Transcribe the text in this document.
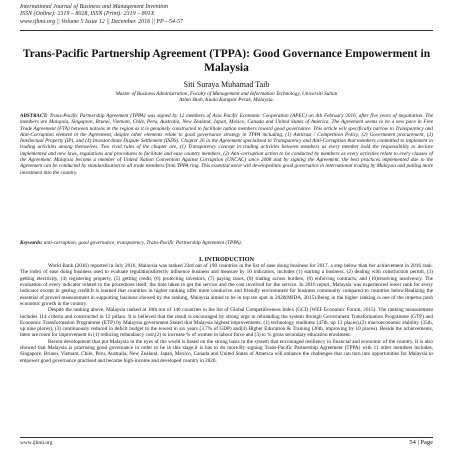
International Journal of Business and Management Invention
ISSN (Online): 2319 – 8028, ISSN (Print): 2319 – 801X
www.ijbmi.org || Volume 5 Issue 12 || December. 2016 || PP—54-57
Trans-Pacific Partnership Agreement (TPPA): Good Governance Empowerment in Malaysia
Siti Suraya Muhamad Taib
Master of Business Administration, Faculty of Management and Information Technology, Universiti Sultan
Azlan Shah, Kuala Kangsar Perak, Malaysia.
ABSTRACT: Trans-Pacific Partnership Agreement (TPPA) was signed by 12 members of Asia Pacific Economic Cooperation (APEC) on 4th February 2016, after five years of negotiation. The members are Malaysia, Singapore, Brunei, Vietnam, Chile, Peru, Australia, New Zealand, Japan, Mexico, Canada and United States of America. The Agreement seems to be a new pace in Free Trade Agreement (FTA) between nations in the region as it is genuinely constructed to facilitate nation members toward good governance. This article will specifically narrow to Transparency and Anti-Corruption element in the Agreement, despite other elements relate to good governance strategy in TPPA including, (1) Antitrust / Competition Policy, (2) Government procurement, (3) Intellectual Property (IP), and (4) Investor-State Dispute Settlement (ISDS). Chapter 26 in the Agreement specialized to Transparency and Anti-Corruption that members committed to implement in trading activities among themselves. Two vivid rules of the chapter are, (1) Transparency concept in trading activities between members as every member hold the responsibility to declare implemented and new laws, regulations and procedures to facilitate and ease country members, (2) Anti-corruption action to be conducted by members as every activities relate to every clauses of the Agreement. Malaysia become a member of United Nation Convention Against Corruption (UNCAC) since 2008 and by signing the Agreement, the best practices implemented due to the Agreement can be conducted by standardization to all trade members from TPPA ring. This essential move will developedinto good governance in international trading by Malaysia and pulling more investment into the country.
Keywords: anti-corruption, good governance, transparency, Trans-Pacific Partnership Agreement (TPPA).
I. INTRODUCTION

World Bank (2016) reported in July 2016, Malaysia was ranked 23rd out of 190 countries in the list of ease doing business for 2017, a step below than her achievement in 2016 rank. The index of ease doing business used to evaluate regulationsdirectly influence business and measure by 10 indicators, includes (1) starting a business, (2) dealing with construction permit, (3) getting electricity, (4) registering property, (5) getting credit, (6) protecting investors, (7) paying taxes, (8) trading across borders, (9) enforcing contracts, and (10)resolving insolvency. The evaluation of every indicator related to the procedures itself, the time taken to get the service and the cost involved for the service. In 2016 report, Malaysia was experienced lower rank for every indicator except in getting credit.It is learned that countries in higher ranking offer more conducive and friendly environment for business community compared to countries below.Realizing the essential of proved measurement in supporting business showed by the ranking, Malaysia aimed to be in top ten spot in 2020(MIDA, 2015).Being in the higher ranking is one of the impetus push economic growth in the country.

Despite the ranking above, Malaysia ranked at 18th out of 140 countries in the list of Global Competitiveness Index (GCI) (WEF Economic Forum, 2015). The ranking measurement includes 114 criteria and constructed in 12 pillars. It is believed that the result is encouraged by strong urge in rebranding the system through Government Transformation Programme (GTP) and Economic Transformation Programme (ETP) by Malaysia government.Stated that Malaysia highest improvements, (1) technology readiness (47th, up 13 places),(2) macroeconomic stability (35th, up nine places), (3) continuously reduced in deficit budget to the lowest in six years (3.7% of GDP) and(4) Higher Education & Training (36th, improving by 10 places). Beside the achievements, there are room for improvement in (1) reducing redundancy cost,(2) to increase % of women in labour force and (3) to % gross secondary education enrolment.

Recent development that put Malaysia in the eyes of the world is based on the strong basis in the system that encouraged resiliency in financial and economic of the country. It is also showed that Malaysia is practising good governance in order to be in this stage,it is has to do more.By signing Trans-Pacific Partnership Agreement (TPPA) with 11 other members includes, Singapore, Brunei, Vietnam, Chile, Peru, Australia, New Zealand, Japan, Mexico, Canada and United States of America will enhance the challenges that can turn into opportunities for Malaysia to empower good governance practised and become high-income and developed country in 2020.

www.ijbmi.org	54 | Page
